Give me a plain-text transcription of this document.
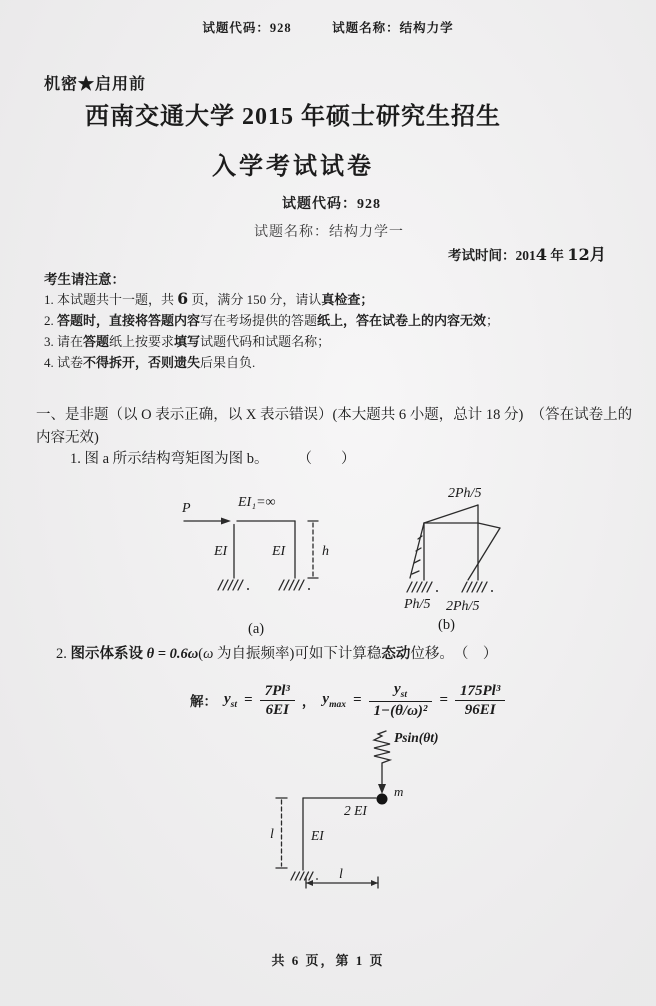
试题代码：928　　　试题名称：结构力学
机密★启用前
西南交通大学 2015 年硕士研究生招生
入学考试试卷
试题代码：928
试题名称：结构力学一
考试时间：2014 年 12月
考生请注意：
1. 本试题共十一题，共 6 页，满分 150 分，请认真检查；
2. 答题时，直接将答题内容写在考场提供的答题纸上，答在试卷上的内容无效；
3. 请在答题纸上按要求填写试题代码和试题名称；
4. 试卷不得拆开，否则遗失后果自负.
一、是非题（以 O 表示正确，以 X 表示错误）(本大题共 6 小题，总计 18 分)　（答在试卷上的内容无效)
1. 图 a 所示结构弯矩图为图 b。　　　（　　）
P	EI₁=∞
EI	EI	h
(a)
2Ph/5
Ph/5 2Ph/5
(b)
2. 图示体系设 θ = 0.6ω(ω 为自振频率)可如下计算稳态动位移。　（　）
解： $y_{st} = \frac{\text{7Pl³}}{6EI}$ ， $y_{max} = \frac{y_{st}}{\text{1−(θ/ω)²}} = \frac{\text{175Pl³}}{96EI}$
Psin(θt)
m
2 EI
EI
l
l
共 6 页，第 1 页
